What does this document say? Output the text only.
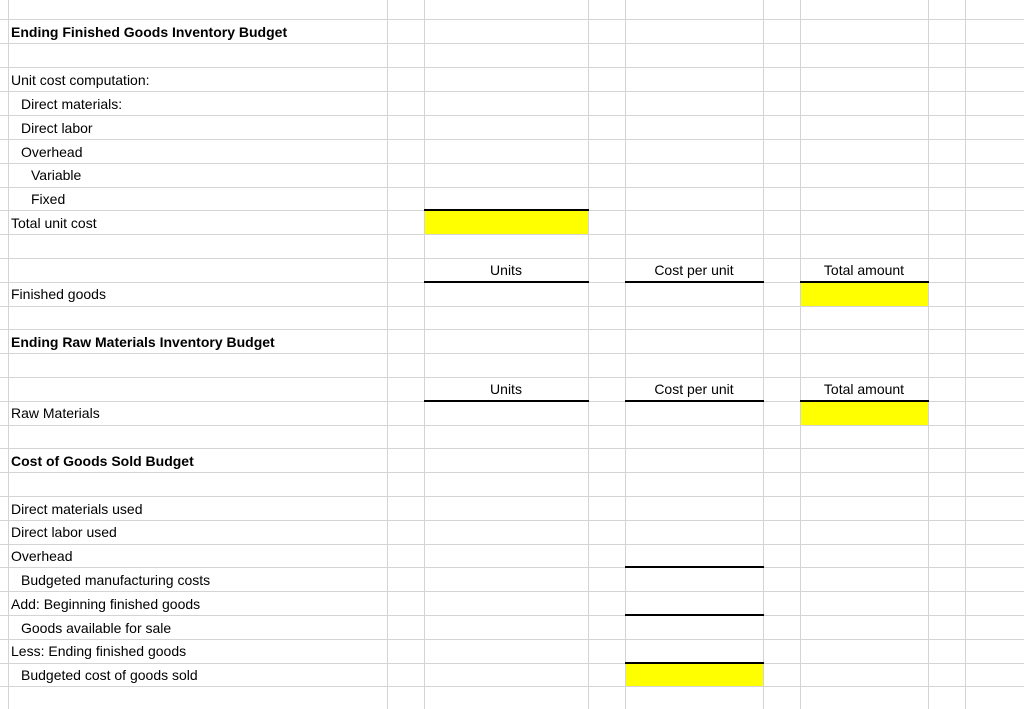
Ending Finished Goods Inventory Budget
Unit cost computation:
Direct materials:
Direct labor
Overhead
Variable
Fixed
Total unit cost
Units	Cost per unit	Total amount
Finished goods
Ending Raw Materials Inventory Budget
Units	Cost per unit	Total amount
Raw Materials
Cost of Goods Sold Budget
Direct materials used
Direct labor used
Overhead
Budgeted manufacturing costs
Add: Beginning finished goods
Goods available for sale
Less: Ending finished goods
Budgeted cost of goods sold
